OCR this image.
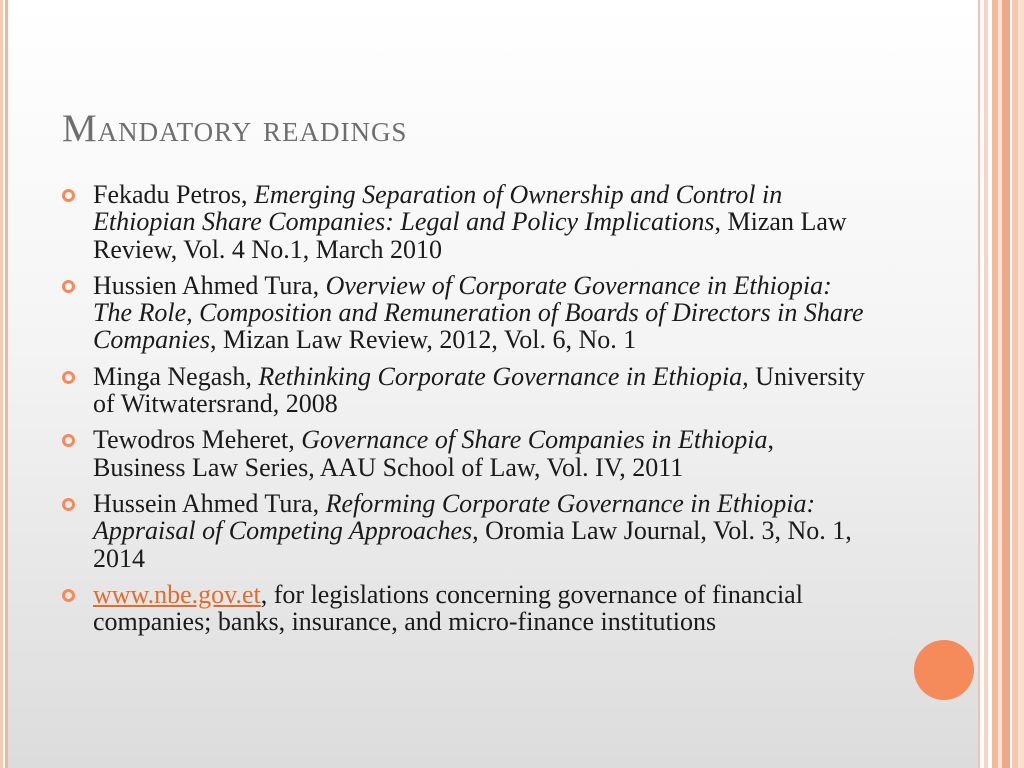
Mandatory readings
Fekadu Petros, Emerging Separation of Ownership and Control in Ethiopian Share Companies: Legal and Policy Implications, Mizan Law Review, Vol. 4 No.1, March 2010
Hussien Ahmed Tura, Overview of Corporate Governance in Ethiopia: The Role, Composition and Remuneration of Boards of Directors in Share Companies, Mizan Law Review, 2012, Vol. 6, No. 1
Minga Negash, Rethinking Corporate Governance in Ethiopia, University of Witwatersrand, 2008
Tewodros Meheret, Governance of Share Companies in Ethiopia, Business Law Series, AAU School of Law, Vol. IV, 2011
Hussein Ahmed Tura, Reforming Corporate Governance in Ethiopia: Appraisal of Competing Approaches, Oromia Law Journal, Vol. 3, No. 1, 2014
www.nbe.gov.et, for legislations concerning governance of financial companies; banks, insurance, and micro-finance institutions
